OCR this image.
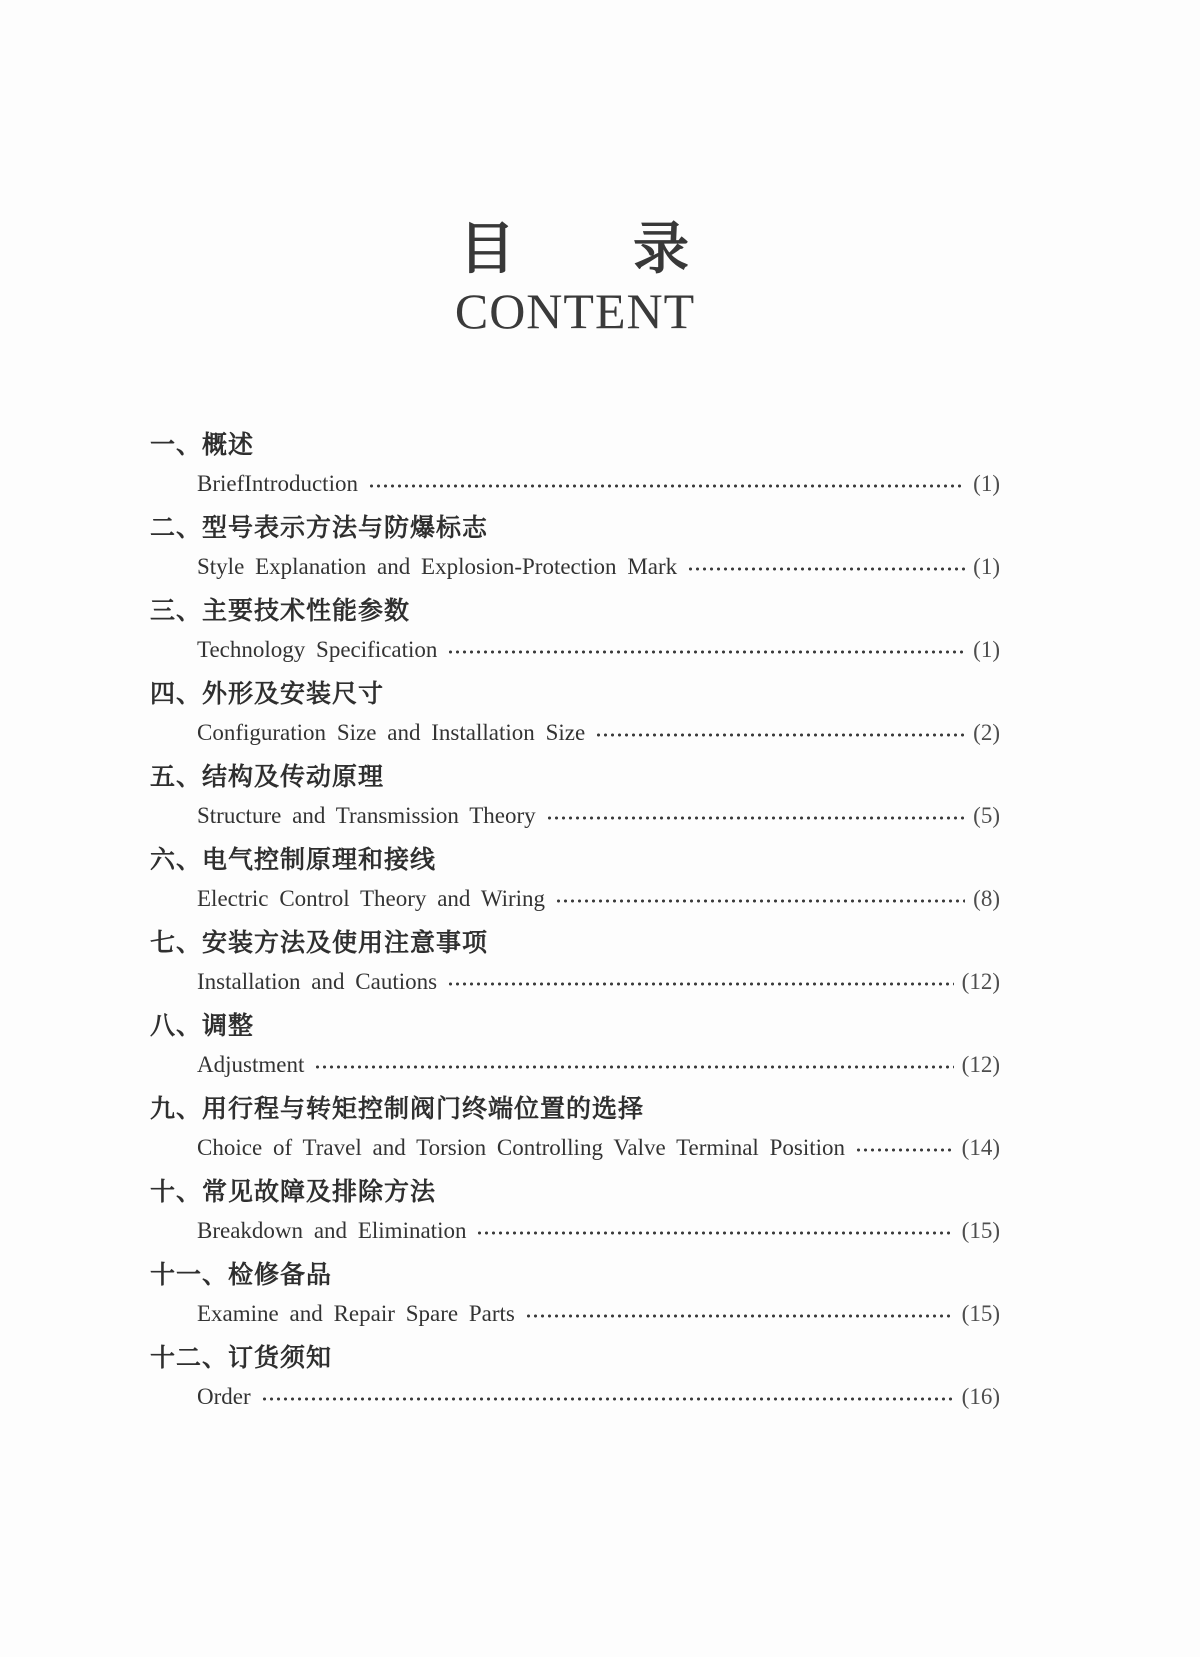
目　　录
CONTENT
一、概述
BriefIntroduction	(1)
二、型号表示方法与防爆标志
Style Explanation and Explosion-Protection Mark	(1)
三、主要技术性能参数
Technology Specification	(1)
四、外形及安装尺寸
Configuration Size and Installation Size	(2)
五、结构及传动原理
Structure and Transmission Theory	(5)
六、电气控制原理和接线
Electric Control Theory and Wiring	(8)
七、安装方法及使用注意事项
Installation and Cautions	(12)
八、调整
Adjustment	(12)
九、用行程与转矩控制阀门终端位置的选择
Choice of Travel and Torsion Controlling Valve Terminal Position	(14)
十、常见故障及排除方法
Breakdown and Elimination	(15)
十一、检修备品
Examine and Repair Spare Parts	(15)
十二、订货须知
Order	(16)
